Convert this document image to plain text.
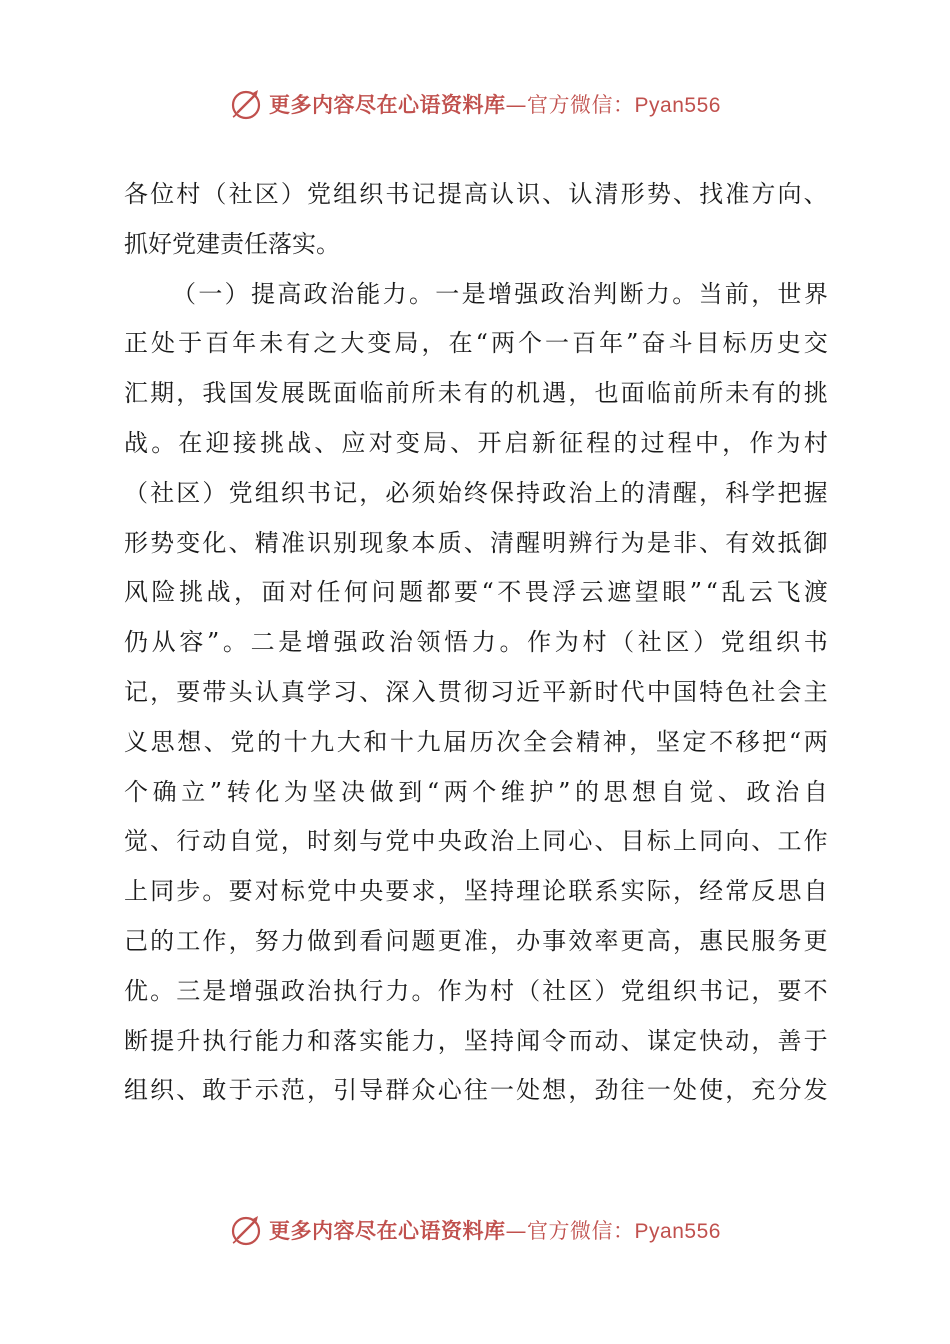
更多内容尽在心语资料库—官方微信：Pyan556
各 位 村 （ 社 区 ） 党 组 织 书 记 提 高 认 识 、 认 清 形 势 、 找 准 方 向 、
抓好党建责任落实。
（ 一 ） 提 高 政 治 能 力 。 一 是 增 强 政 治 判 断 力 。 当 前 ， 世 界
正 处 于 百 年 未 有 之 大 变 局 ， 在 “ 两 个 一 百 年 ” 奋 斗 目 标 历 史 交
汇 期 ， 我 国 发 展 既 面 临 前 所 未 有 的 机 遇 ， 也 面 临 前 所 未 有 的 挑
战 。 在 迎 接 挑 战 、 应 对 变 局 、 开 启 新 征 程 的 过 程 中 ， 作 为 村
（ 社 区 ） 党 组 织 书 记 ， 必 须 始 终 保 持 政 治 上 的 清 醒 ， 科 学 把 握
形 势 变 化 、 精 准 识 别 现 象 本 质 、 清 醒 明 辨 行 为 是 非 、 有 效 抵 御
风 险 挑 战 ， 面 对 任 何 问 题 都 要 “ 不 畏 浮 云 遮 望 眼 ” “ 乱 云 飞 渡
仍 从 容 ” 。 二 是 增 强 政 治 领 悟 力 。 作 为 村 （ 社 区 ） 党 组 织 书
记 ， 要 带 头 认 真 学 习 、 深 入 贯 彻 习 近 平 新 时 代 中 国 特 色 社 会 主
义 思 想 、 党 的 十 九 大 和 十 九 届 历 次 全 会 精 神 ， 坚 定 不 移 把 “ 两
个 确 立 ” 转 化 为 坚 决 做 到 “ 两 个 维 护 ” 的 思 想 自 觉 、 政 治 自
觉 、 行 动 自 觉 ， 时 刻 与 党 中 央 政 治 上 同 心 、 目 标 上 同 向 、 工 作
上 同 步 。 要 对 标 党 中 央 要 求 ， 坚 持 理 论 联 系 实 际 ， 经 常 反 思 自
己 的 工 作 ， 努 力 做 到 看 问 题 更 准 ， 办 事 效 率 更 高 ， 惠 民 服 务 更
优 。 三 是 增 强 政 治 执 行 力 。 作 为 村 （ 社 区 ） 党 组 织 书 记 ， 要 不
断 提 升 执 行 能 力 和 落 实 能 力 ， 坚 持 闻 令 而 动 、 谋 定 快 动 ， 善 于
组 织 、 敢 于 示 范 ， 引 导 群 众 心 往 一 处 想 ， 劲 往 一 处 使 ， 充 分 发
更多内容尽在心语资料库—官方微信：Pyan556
